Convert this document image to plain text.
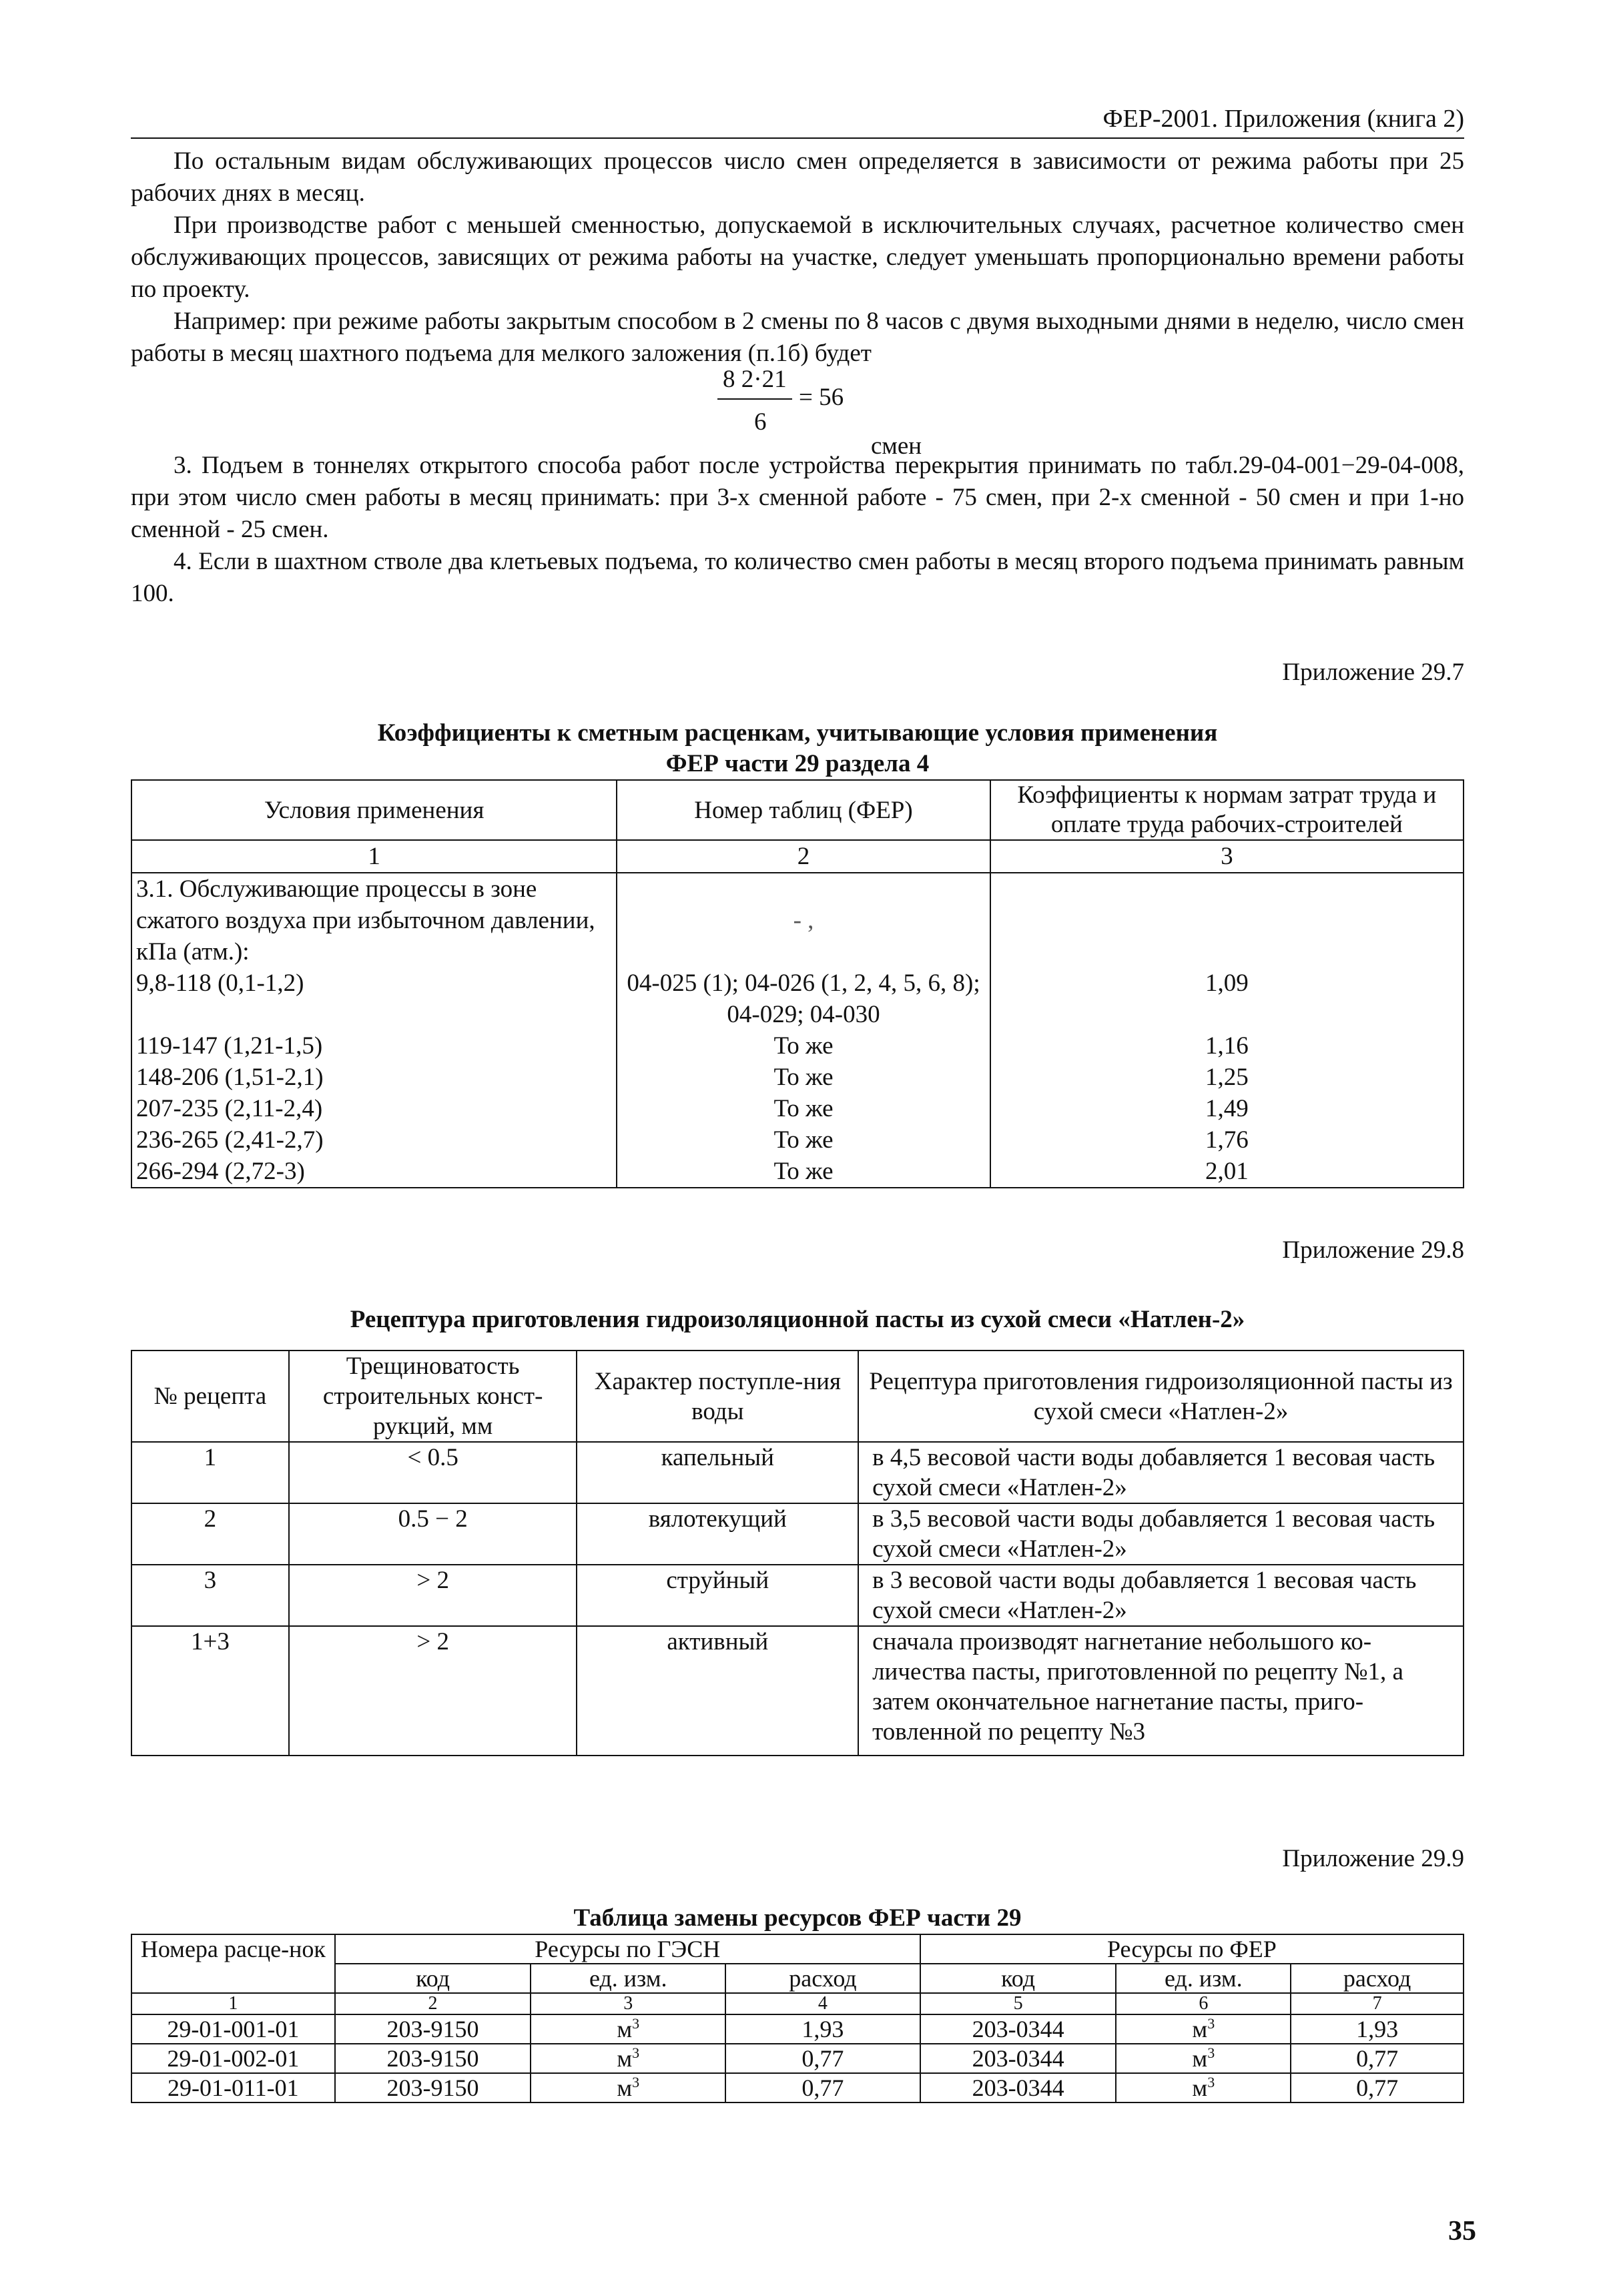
ФЕР-2001. Приложения (книга 2)

По остальным видам обслуживающих процессов число смен определяется в зависимости от режима работы при 25 рабочих днях в месяц.

При производстве работ с меньшей сменностью, допускаемой в исключительных случаях, расчетное количество смен обслуживающих процессов, зависящих от режима работы на участке, следует уменьшать пропорционально времени работы по проекту.

Например: при режиме работы закрытым способом в 2 смены по 8 часов с двумя выходными днями в неделю, число смен работы в месяц шахтного подъема для мелкого заложения (п.1б) будет

8 2·21
= 56
6
смен

3. Подъем в тоннелях открытого способа работ после устройства перекрытия принимать по табл.29-04-001−29-04-008, при этом число смен работы в месяц принимать: при 3-х сменной работе - 75 смен, при 2-х сменной - 50 смен и при 1-но сменной - 25 смен.

4. Если в шахтном стволе два клетьевых подъема, то количество смен работы в месяц второго подъема принимать равным 100.

Приложение 29.7

Коэффициенты к сметным расценкам, учитывающие условия применения

ФЕР части 29 раздела 4

Условия применения	Номер таблиц (ФЕР)	Коэффициенты к нормам затрат труда и оплате труда рабочих-строителей
1	2	3
3.1. Обслуживающие процессы в зоне сжатого воздуха при избыточном давлении, кПа (атм.):	- ,	
9,8-118 (0,1-1,2)	04-025 (1); 04-026 (1, 2, 4, 5, 6, 8); 04-029; 04-030	1,09
119-147 (1,21-1,5)	То же	1,16
148-206 (1,51-2,1)	То же	1,25
207-235 (2,11-2,4)	То же	1,49
236-265 (2,41-2,7)	То же	1,76
266-294 (2,72-3)	То же	2,01
Приложение 29.8

Рецептура приготовления гидроизоляционной пасты из сухой смеси «Натлен-2»

№ рецепта	Трещиноватость строительных конст-рукций, мм	Характер поступле-ния воды	Рецептура приготовления гидроизоляционной пасты из сухой смеси «Натлен-2»
1	< 0.5	капельный	в 4,5 весовой части воды добавляется 1 весовая часть сухой смеси «Натлен-2»
2	0.5 − 2	вялотекущий	в 3,5 весовой части воды добавляется 1 весовая часть сухой смеси «Натлен-2»
3	> 2	струйный	в 3 весовой части воды добавляется 1 весовая часть сухой смеси «Натлен-2»
1+3	> 2	активный	сначала производят нагнетание небольшого ко-личества пасты, приготовленной по рецепту №1, а затем окончательное нагнетание пасты, приго-товленной по рецепту №3
Приложение 29.9

Таблица замены ресурсов ФЕР части 29

Номера расце-нок	Ресурсы по ГЭСН			Ресурсы по ФЕР		
	код	ед. изм.	расход	код	ед. изм.	расход
1	2	3	4	5	6	7
29-01-001-01	203-9150	$м^3$	1,93	203-0344	$м^3$	1,93
29-01-002-01	203-9150	$м^3$	0,77	203-0344	$м^3$	0,77
29-01-011-01	203-9150	$м^3$	0,77	203-0344	$м^3$	0,77
35
